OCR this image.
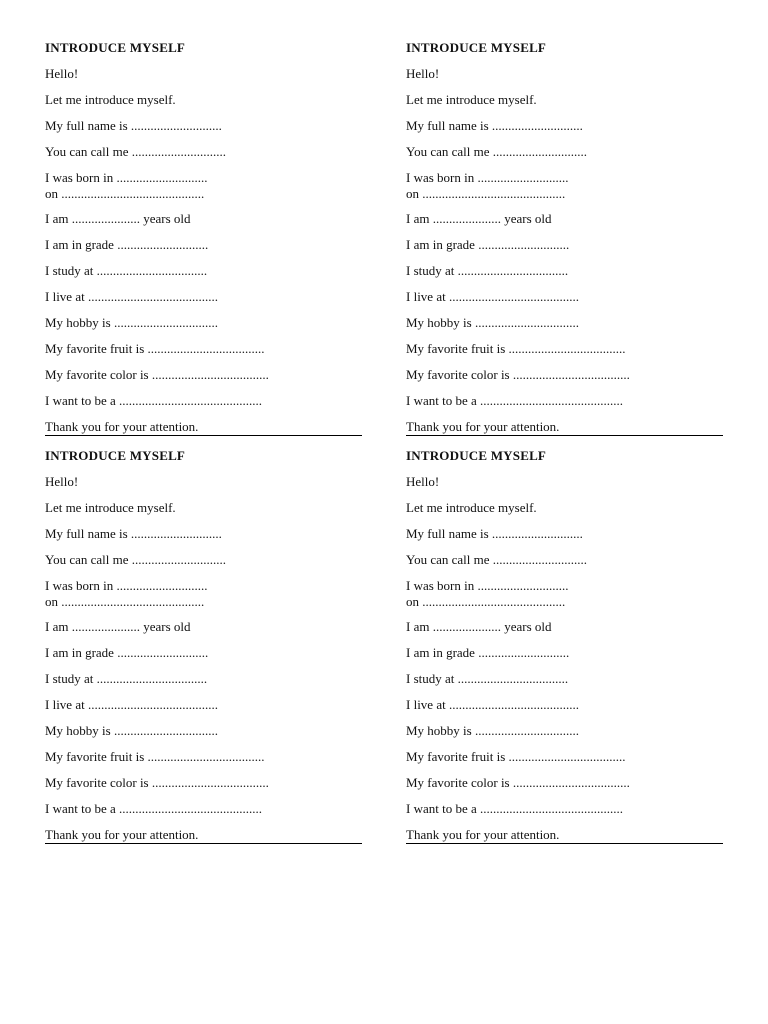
INTRODUCE MYSELF
Hello!
Let me introduce myself.
My full name is ............................
You can call me .............................
I was born in ............................
on ............................................
I am ..................... years old
I am in grade ............................
I study at ..................................
I live at ........................................
My hobby is ................................
My favorite fruit is ....................................
My favorite color is ....................................
I want to be a ............................................
Thank you for your attention.
INTRODUCE MYSELF
Hello!
Let me introduce myself.
My full name is ............................
You can call me .............................
I was born in ............................
on ............................................
I am ..................... years old
I am in grade ............................
I study at ..................................
I live at ........................................
My hobby is ................................
My favorite fruit is ....................................
My favorite color is ....................................
I want to be a ............................................
Thank you for your attention.
INTRODUCE MYSELF
Hello!
Let me introduce myself.
My full name is ............................
You can call me .............................
I was born in ............................
on ............................................
I am ..................... years old
I am in grade ............................
I study at ..................................
I live at ........................................
My hobby is ................................
My favorite fruit is ....................................
My favorite color is ....................................
I want to be a ............................................
Thank you for your attention.
INTRODUCE MYSELF
Hello!
Let me introduce myself.
My full name is ............................
You can call me .............................
I was born in ............................
on ............................................
I am ..................... years old
I am in grade ............................
I study at ..................................
I live at ........................................
My hobby is ................................
My favorite fruit is ....................................
My favorite color is ....................................
I want to be a ............................................
Thank you for your attention.
